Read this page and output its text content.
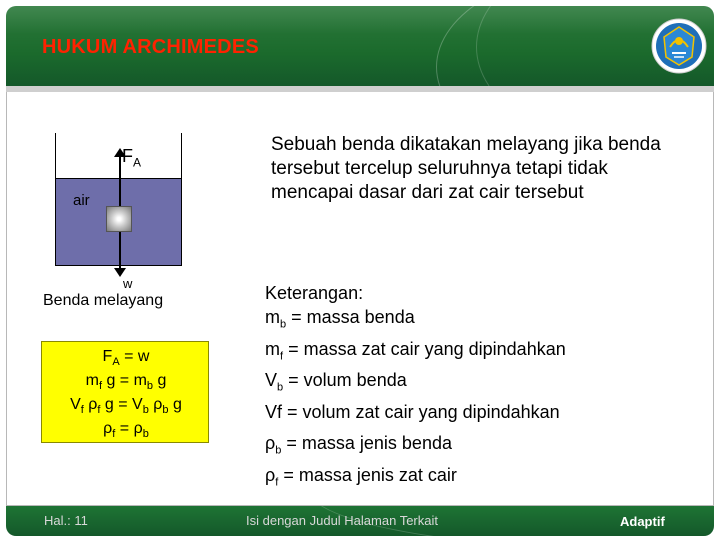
HUKUM ARCHIMEDES
$F_A$
air
w
Benda melayang
$F_A = w$
$m_f$ $g = m_b$ g
$V_f$ $\rho_f$ $g = V_b$ $\rho_b$ g
$\rho_f = \rho_b$
Sebuah benda dikatakan melayang jika benda tersebut tercelup seluruhnya tetapi tidak mencapai dasar dari zat cair tersebut
Keterangan:
$m_b$ = massa benda
$m_f$ = massa zat cair yang dipindahkan
$V_b$ = volum benda
Vf = volum zat cair yang dipindahkan
$\rho_b$ = massa jenis benda
$\rho_f$ = massa jenis zat cair
Hal.: 11	Isi dengan Judul Halaman Terkait	Adaptif
